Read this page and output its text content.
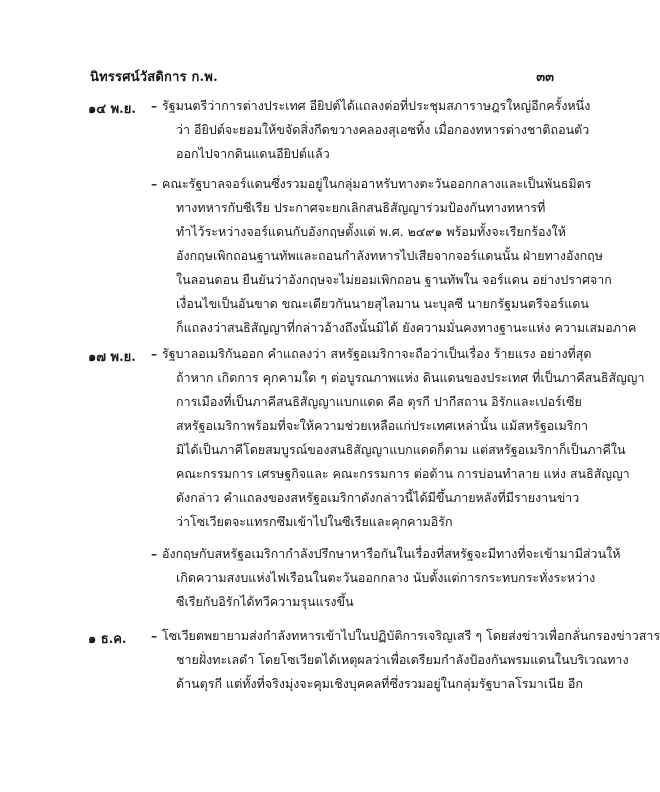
นิทรรศน์วัสดิการ ก.พ.	๓๓
๑๔ พ.ย. – รัฐมนตรีว่าการต่างประเทศ อียิปต์ได้แถลงต่อที่ประชุมสภาราษฎรใหญ่อีกครั้งหนึ่ง
ว่า อียิปต์จะยอมให้ขจัดสิ่งกีดขวางคลองสุเอซทิ้ง เมื่อกองทหารต่างชาติถอนตัว
ออกไปจากดินแดนอียิปต์แล้ว
– คณะรัฐบาลจอร์แดนซึ่งรวมอยู่ในกลุ่มอาหรับทางตะวันออกกลางและเป็นพันธมิตร
ทางทหารกับซีเรีย ประกาศจะยกเลิกสนธิสัญญาร่วมป้องกันทางทหารที่
ทำไว้ระหว่างจอร์แดนกับอังกฤษตั้งแต่ พ.ศ. ๒๔๙๑ พร้อมทั้งจะเรียกร้องให้
อังกฤษเพิกถอนฐานทัพและถอนกำลังทหารไปเสียจากจอร์แดนนั้น ฝ่ายทางอังกฤษ
ในลอนดอน ยืนยันว่าอังกฤษจะไม่ยอมเพิกถอน ฐานทัพใน จอร์แดน อย่างปราศจาก
เงื่อนไขเป็นอันขาด ขณะเดียวกันนายสุไลมาน นะบุลซี นายกรัฐมนตรีจอร์แดน
ก็แถลงว่าสนธิสัญญาที่กล่าวอ้างถึงนั้นมิได้ ยังความมั่นคงทางฐานะแห่ง ความเสมอภาค
๑๗ พ.ย. – รัฐบาลอเมริกันออก คำแถลงว่า สหรัฐอเมริกาจะถือว่าเป็นเรื่อง ร้ายแรง อย่างที่สุด
ถ้าหาก เกิดการ คุกคามใด ๆ ต่อบูรณภาพแห่ง ดินแดนของประเทศ ที่เป็นภาคีสนธิสัญญา
การเมืองที่เป็นภาคีสนธิสัญญาแบกแดด คือ ตุรกี ปากีสถาน อิรักและเปอร์เซีย
สหรัฐอเมริกาพร้อมที่จะให้ความช่วยเหลือแก่ประเทศเหล่านั้น แม้สหรัฐอเมริกา
มิได้เป็นภาคีโดยสมบูรณ์ของสนธิสัญญาแบกแดดก็ตาม แต่สหรัฐอเมริกาก็เป็นภาคีใน
คณะกรรมการ เศรษฐกิจและ คณะกรรมการ ต่อต้าน การบ่อนทำลาย แห่ง สนธิสัญญา
ดังกล่าว คำแถลงของสหรัฐอเมริกาดังกล่าวนี้ได้มีขึ้นภายหลังที่มีรายงานข่าว
ว่าโซเวียตจะแทรกซึมเข้าไปในซีเรียและคุกคามอิรัก
– อังกฤษกับสหรัฐอเมริกากำลังปรึกษาหารือกันในเรื่องที่สหรัฐจะมีทางที่จะเข้ามามีส่วนให้
เกิดความสงบแห่งไฟเรือนในตะวันออกกลาง นับตั้งแต่การกระทบกระทั่งระหว่าง
ซีเรียกับอิรักได้ทวีความรุนแรงขึ้น
๑ ธ.ค. – โซเวียตพยายามส่งกำลังทหารเข้าไปในปฏิบัติการเจริญเสรี ๆ โดยส่งข่าวเพื่อกลั่นกรองข่าวสาร
ชายฝั่งทะเลดำ โดยโซเวียตได้เหตุผลว่าเพื่อเตรียมกำลังป้องกันพรมแดนในบริเวณทาง
ด้านตุรกี แต่ทั้งที่จริงมุ่งจะคุมเชิงบุคคลที่ซึ่งรวมอยู่ในกลุ่มรัฐบาลโรมาเนีย อีก
